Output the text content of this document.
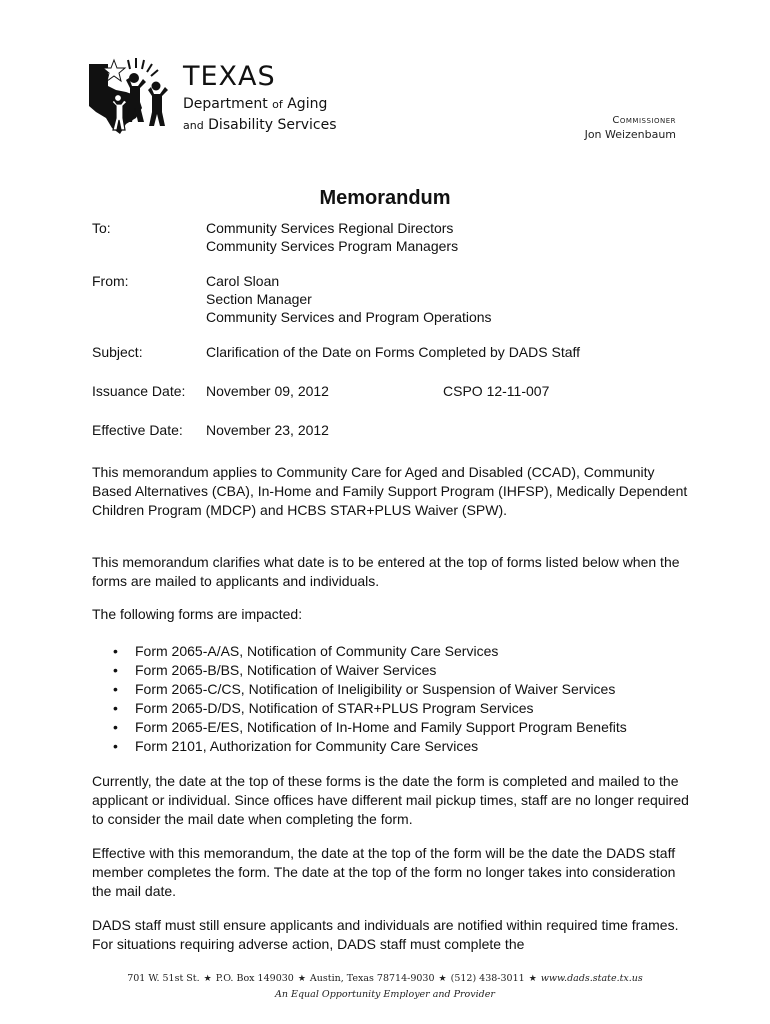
TEXAS
Department of Aging
and Disability Services	Commissioner
Jon Weizenbaum
Memorandum
To:	Community Services Regional Directors
Community Services Program Managers
From:	Carol Sloan
Section Manager
Community Services and Program Operations
Subject:	Clarification of the Date on Forms Completed by DADS Staff
Issuance Date: November 09, 2012	CSPO 12-11-007
Effective Date: November 23, 2012

This memorandum applies to Community Care for Aged and Disabled (CCAD), Community Based Alternatives (CBA), In-Home and Family Support Program (IHFSP), Medically Dependent Children Program (MDCP) and HCBS STAR+PLUS Waiver (SPW).

This memorandum clarifies what date is to be entered at the top of forms listed below when the forms are mailed to applicants and individuals.

The following forms are impacted:

• Form 2065-A/AS, Notification of Community Care Services
• Form 2065-B/BS, Notification of Waiver Services
• Form 2065-C/CS, Notification of Ineligibility or Suspension of Waiver Services
• Form 2065-D/DS, Notification of STAR+PLUS Program Services
• Form 2065-E/ES, Notification of In-Home and Family Support Program Benefits
• Form 2101, Authorization for Community Care Services

Currently, the date at the top of these forms is the date the form is completed and mailed to the applicant or individual. Since offices have different mail pickup times, staff are no longer required to consider the mail date when completing the form.

Effective with this memorandum, the date at the top of the form will be the date the DADS staff member completes the form. The date at the top of the form no longer takes into consideration the mail date.

DADS staff must still ensure applicants and individuals are notified within required time frames. For situations requiring adverse action, DADS staff must complete the

701 W. 51st St. ★ P.O. Box 149030 ★ Austin, Texas 78714-9030 ★ (512) 438-3011 ★ www.dads.state.tx.us
An Equal Opportunity Employer and Provider
